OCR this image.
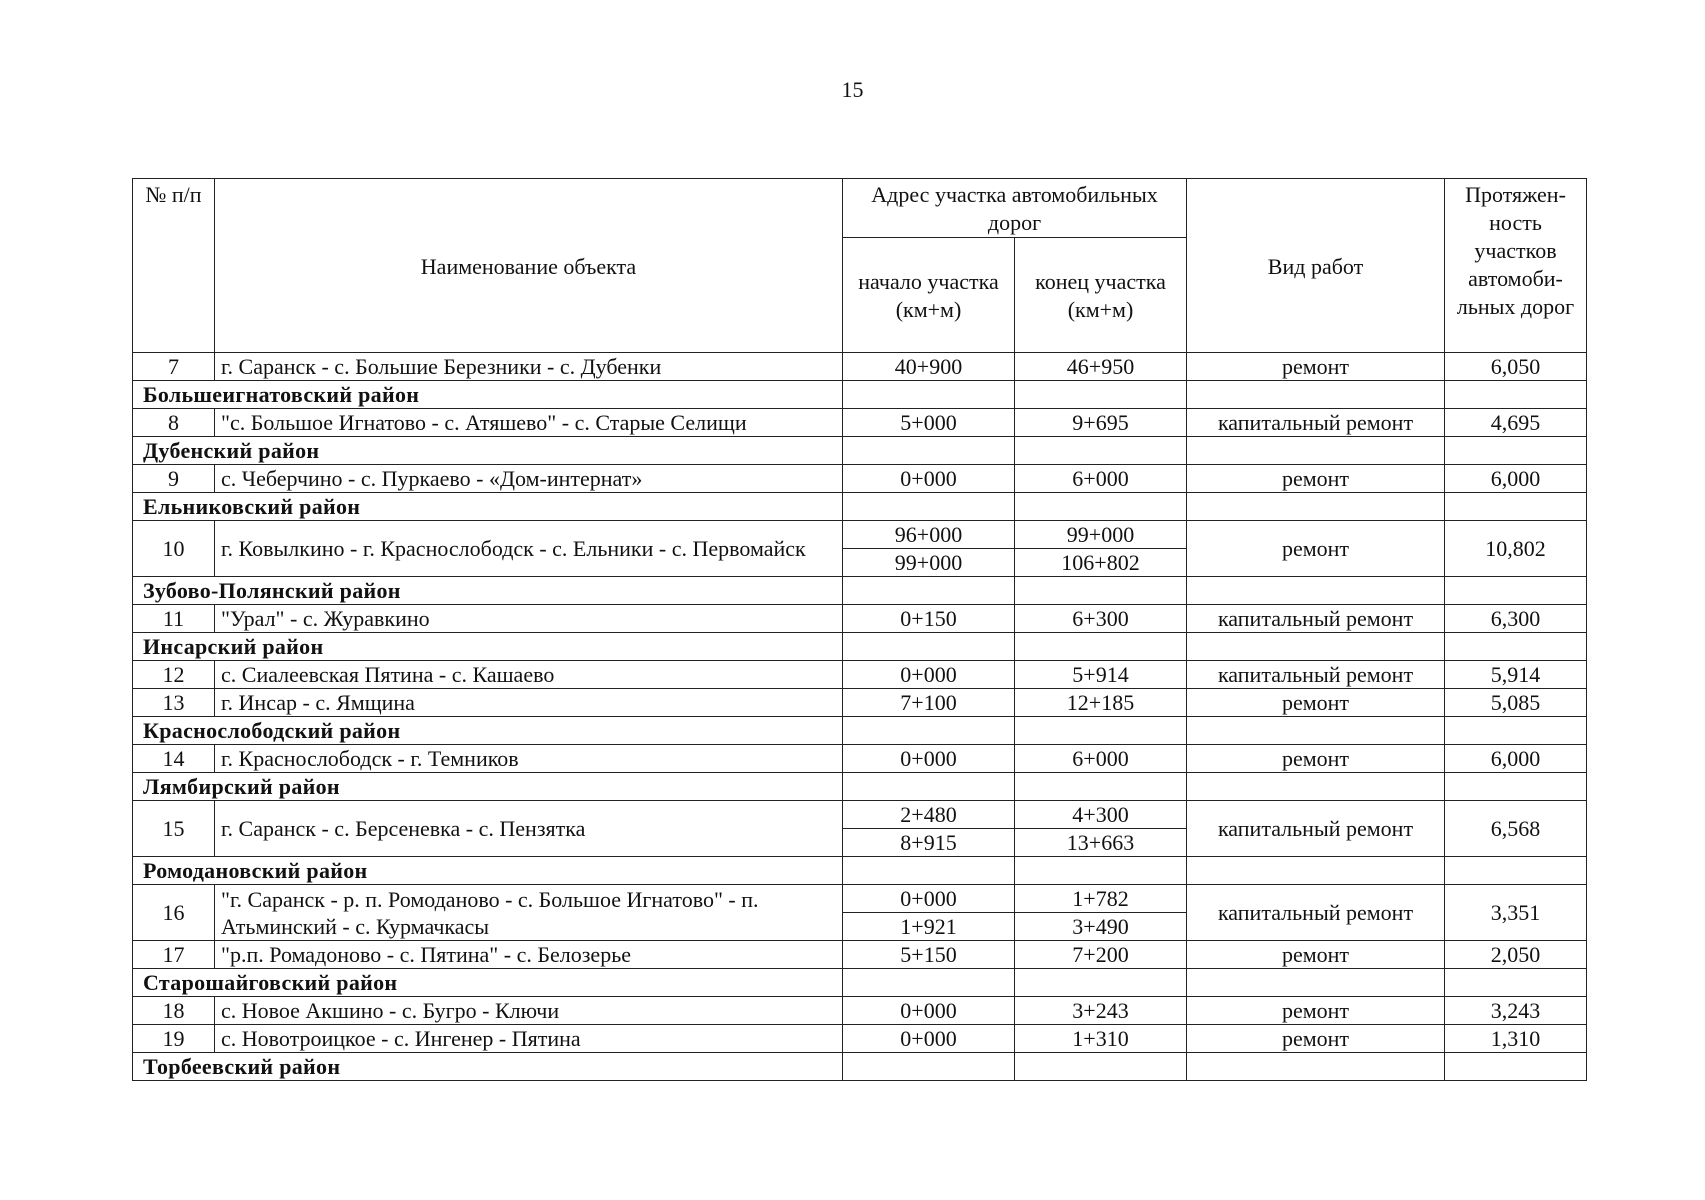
15
№ п/п	Наименование объекта	Адрес участка автомобильных дорог		Вид работ	Протяжен-ность участков автомоби-льных дорог
		начало участка (км+м)	конец участка (км+м)		
7	г. Саранск - с. Большие Березники - с. Дубенки	40+900	46+950	ремонт	6,050
Большеигнатовский район					
8	"с. Большое Игнатово - с. Атяшево" - с. Старые Селищи	5+000	9+695	капитальный ремонт	4,695
Дубенский район					
9	с. Чеберчино - с. Пуркаево - «Дом-интернат»	0+000	6+000	ремонт	6,000
Ельниковский район					
10	г. Ковылкино - г. Краснослободск - с. Ельники - с. Первомайск	96+000	99+000	ремонт	10,802
		99+000	106+802		
Зубово-Полянский район					
11	"Урал" - с. Журавкино	0+150	6+300	капитальный ремонт	6,300
Инсарский район					
12	с. Сиалеевская Пятина - с. Кашаево	0+000	5+914	капитальный ремонт	5,914
13	г. Инсар - с. Ямщина	7+100	12+185	ремонт	5,085
Краснослободский район					
14	г. Краснослободск - г. Темников	0+000	6+000	ремонт	6,000
Лямбирский район					
15	г. Саранск - с. Берсеневка - с. Пензятка	2+480	4+300	капитальный ремонт	6,568
		8+915	13+663		
Ромодановский район					
16	"г. Саранск - р. п. Ромоданово - с. Большое Игнатово" - п. Атьминский - с. Курмачкасы	0+000	1+782	капитальный ремонт	3,351
		1+921	3+490		
17	"р.п. Ромадоново - с. Пятина" - с. Белозерье	5+150	7+200	ремонт	2,050
Старошайговский район					
18	с. Новое Акшино - с. Бугро - Ключи	0+000	3+243	ремонт	3,243
19	с. Новотроицкое - с. Ингенер - Пятина	0+000	1+310	ремонт	1,310
Торбеевский район					
